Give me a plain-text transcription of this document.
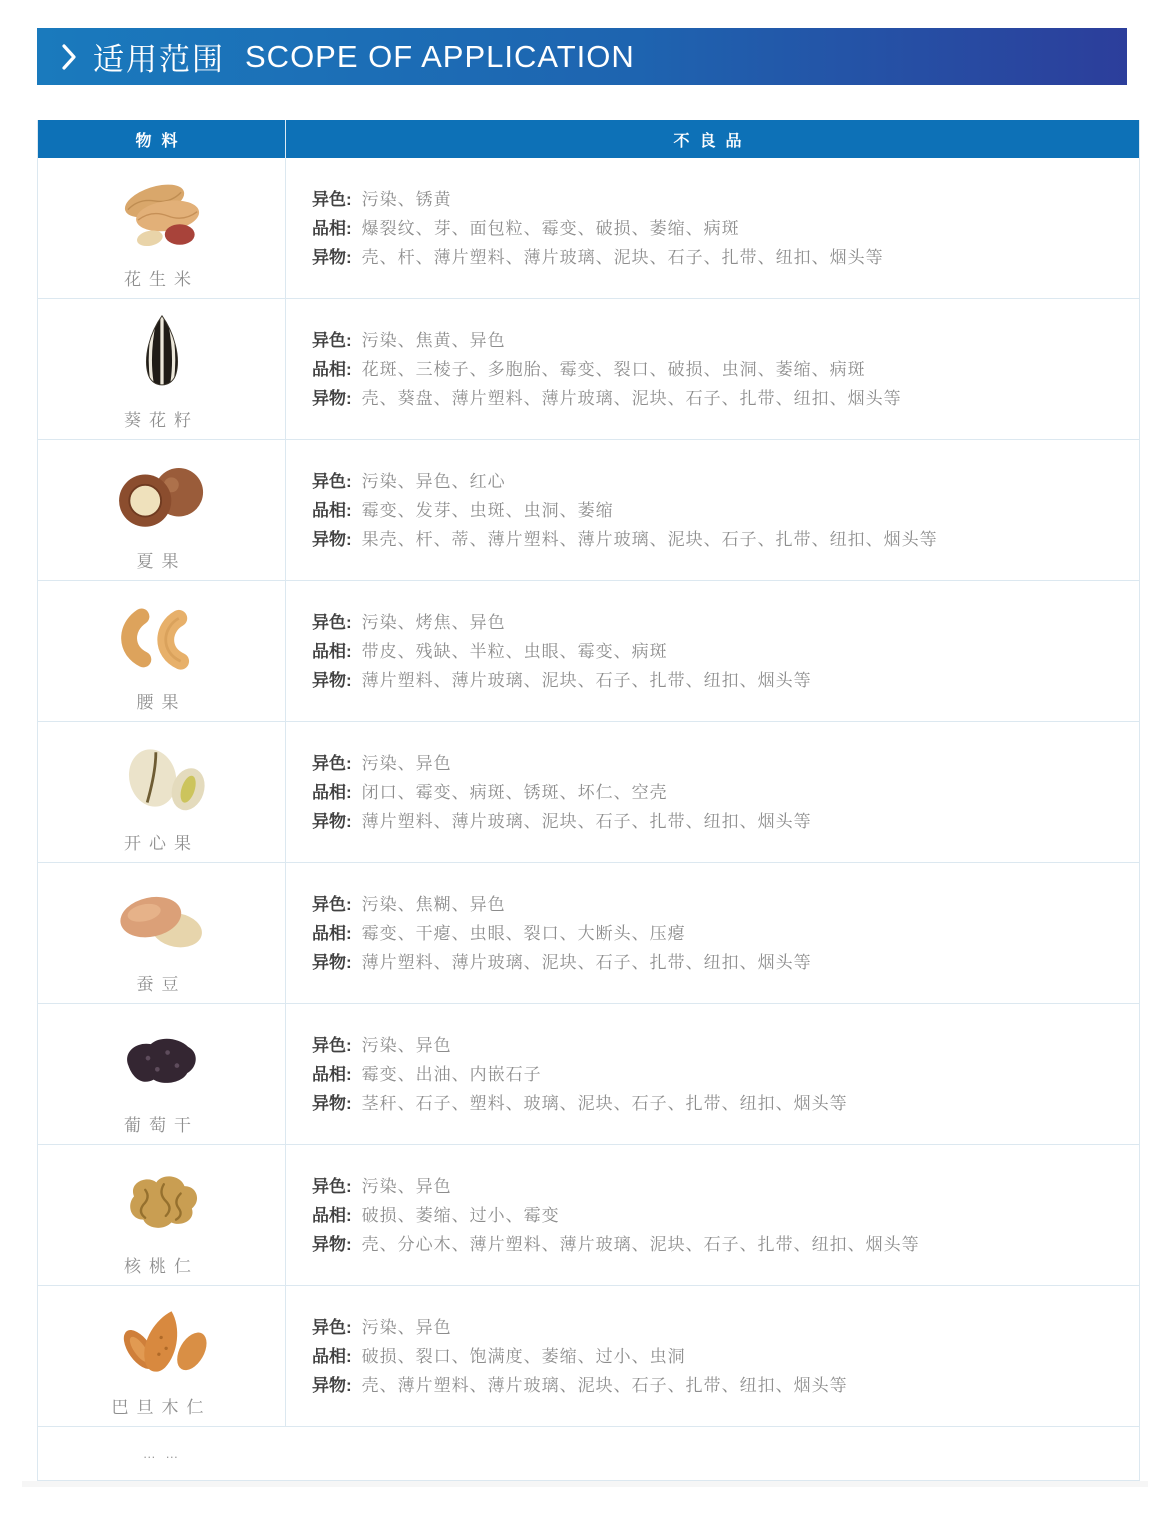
适用范围 SCOPE OF APPLICATION
物料	不良品
花生米

异色: 污染、锈黄

品相: 爆裂纹、芽、面包粒、霉变、破损、萎缩、病斑

异物: 壳、杆、薄片塑料、薄片玻璃、泥块、石子、扎带、纽扣、烟头等

葵花籽

异色: 污染、焦黄、异色

品相: 花斑、三棱子、多胞胎、霉变、裂口、破损、虫洞、萎缩、病斑

异物: 壳、葵盘、薄片塑料、薄片玻璃、泥块、石子、扎带、纽扣、烟头等

夏果

异色: 污染、异色、红心

品相: 霉变、发芽、虫斑、虫洞、萎缩

异物: 果壳、杆、蒂、薄片塑料、薄片玻璃、泥块、石子、扎带、纽扣、烟头等

腰果

异色: 污染、烤焦、异色

品相: 带皮、残缺、半粒、虫眼、霉变、病斑

异物: 薄片塑料、薄片玻璃、泥块、石子、扎带、纽扣、烟头等

开心果

异色: 污染、异色

品相: 闭口、霉变、病斑、锈斑、坏仁、空壳

异物: 薄片塑料、薄片玻璃、泥块、石子、扎带、纽扣、烟头等

蚕豆

异色: 污染、焦糊、异色

品相: 霉变、干瘪、虫眼、裂口、大断头、压瘪

异物: 薄片塑料、薄片玻璃、泥块、石子、扎带、纽扣、烟头等

葡萄干

异色: 污染、异色

品相: 霉变、出油、内嵌石子

异物: 茎秆、石子、塑料、玻璃、泥块、石子、扎带、纽扣、烟头等

核桃仁

异色: 污染、异色

品相: 破损、萎缩、过小、霉变

异物: 壳、分心木、薄片塑料、薄片玻璃、泥块、石子、扎带、纽扣、烟头等

巴旦木仁

异色: 污染、异色

品相: 破损、裂口、饱满度、萎缩、过小、虫洞

异物: 壳、薄片塑料、薄片玻璃、泥块、石子、扎带、纽扣、烟头等

… …
